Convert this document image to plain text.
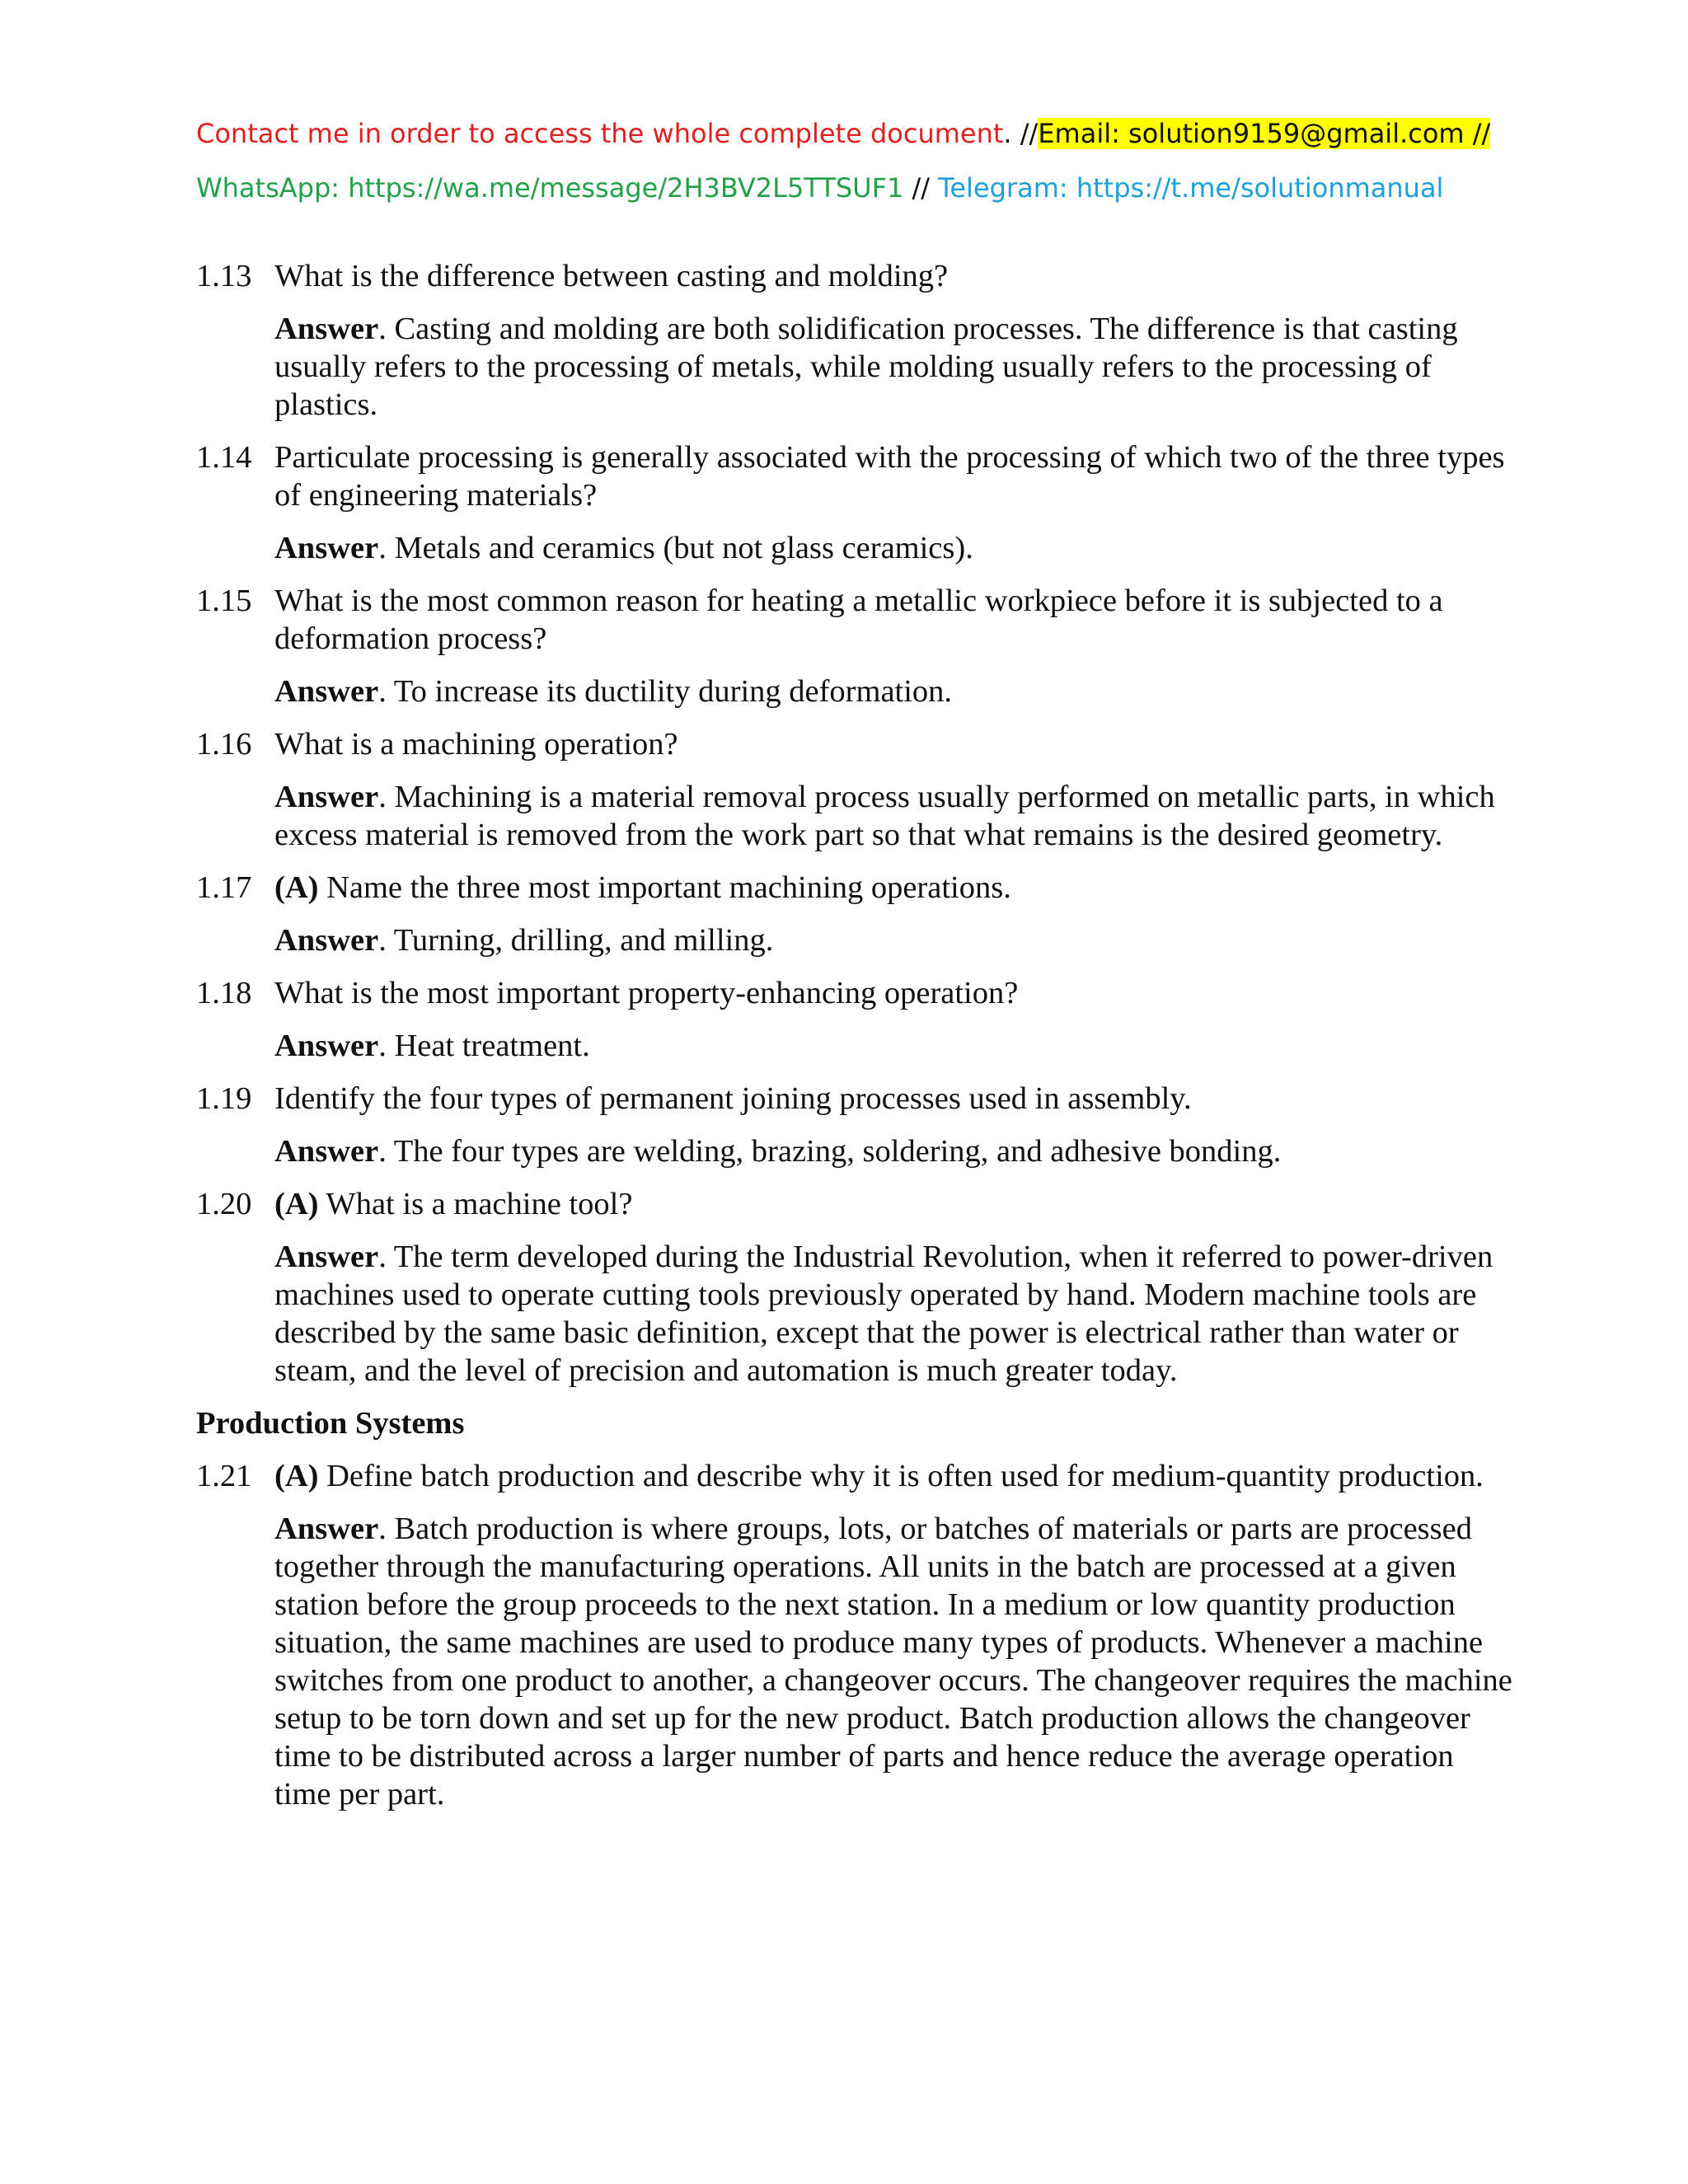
Contact me in order to access the whole complete document. //Email: solution9159@gmail.com //
WhatsApp: https://wa.me/message/2H3BV2L5TTSUF1 // Telegram: https://t.me/solutionmanual
1.13 What is the difference between casting and molding?
Answer. Casting and molding are both solidification processes. The difference is that casting usually refers to the processing of metals, while molding usually refers to the processing of plastics.
1.14 Particulate processing is generally associated with the processing of which two of the three types of engineering materials?
Answer. Metals and ceramics (but not glass ceramics).
1.15 What is the most common reason for heating a metallic workpiece before it is subjected to a deformation process?
Answer. To increase its ductility during deformation.
1.16 What is a machining operation?
Answer. Machining is a material removal process usually performed on metallic parts, in which excess material is removed from the work part so that what remains is the desired geometry.
1.17 (A) Name the three most important machining operations.
Answer. Turning, drilling, and milling.
1.18 What is the most important property-enhancing operation?
Answer. Heat treatment.
1.19 Identify the four types of permanent joining processes used in assembly.
Answer. The four types are welding, brazing, soldering, and adhesive bonding.
1.20 (A) What is a machine tool?
Answer. The term developed during the Industrial Revolution, when it referred to power-driven machines used to operate cutting tools previously operated by hand. Modern machine tools are described by the same basic definition, except that the power is electrical rather than water or steam, and the level of precision and automation is much greater today.
Production Systems
1.21 (A) Define batch production and describe why it is often used for medium-quantity production.
Answer. Batch production is where groups, lots, or batches of materials or parts are processed together through the manufacturing operations. All units in the batch are processed at a given station before the group proceeds to the next station. In a medium or low quantity production situation, the same machines are used to produce many types of products. Whenever a machine switches from one product to another, a changeover occurs. The changeover requires the machine setup to be torn down and set up for the new product. Batch production allows the changeover time to be distributed across a larger number of parts and hence reduce the average operation time per part.
